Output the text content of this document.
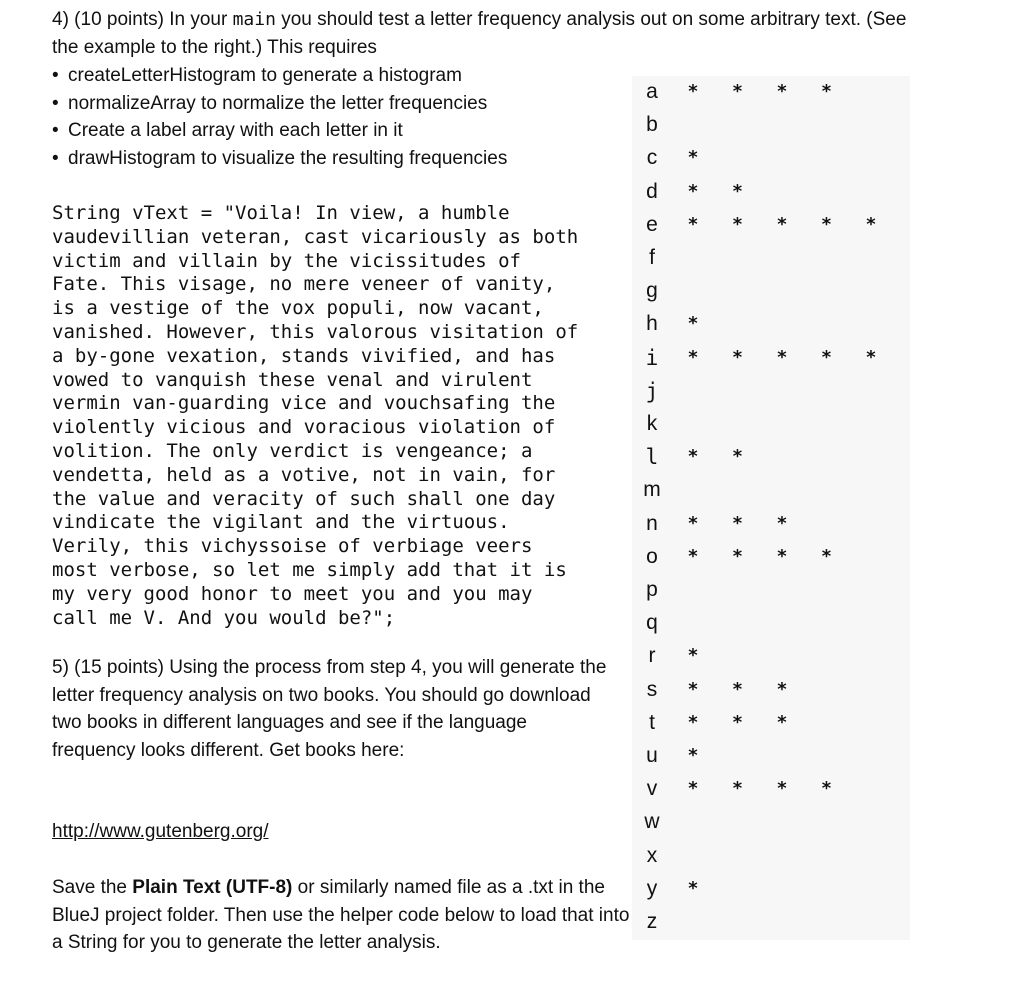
4) (10 points) In your main you should test a letter frequency analysis out on some arbitrary text. (See the example to the right.) This requires

• createLetterHistogram to generate a histogram
• normalizeArray to normalize the letter frequencies
• Create a label array with each letter in it
• drawHistogram to visualize the resulting frequencies
String vText = "Voila! In view, a humble
vaudevillian veteran, cast vicariously as both
victim and villain by the vicissitudes of
Fate. This visage, no mere veneer of vanity,
is a vestige of the vox populi, now vacant,
vanished. However, this valorous visitation of
a by-gone vexation, stands vivified, and has
vowed to vanquish these venal and virulent
vermin van-guarding vice and vouchsafing the
violently vicious and voracious violation of
volition. The only verdict is vengeance; a
vendetta, held as a votive, not in vain, for
the value and veracity of such shall one day
vindicate the vigilant and the virtuous.
Verily, this vichyssoise of verbiage veers
most verbose, so let me simply add that it is
my very good honor to meet you and you may
call me V. And you would be?";

5) (15 points) Using the process from step 4, you will generate the letter frequency analysis on two books. You should go download two books in different languages and see if the language frequency looks different. Get books here:

http://www.gutenberg.org/

Save the Plain Text (UTF-8) or similarly named file as a .txt in the BlueJ project folder. Then use the helper code below to load that into a String for you to generate the letter analysis.

a	* * * *
b
c	*
d	* *
e	* * * * *
f
g
h	*
i	* * * * *
j
k
l	* *
m
n	* * *
o	* * * *
p
q
r	*
s	* * *
t	* * *
u	*
v	* * * *
w
x
y	*
z
